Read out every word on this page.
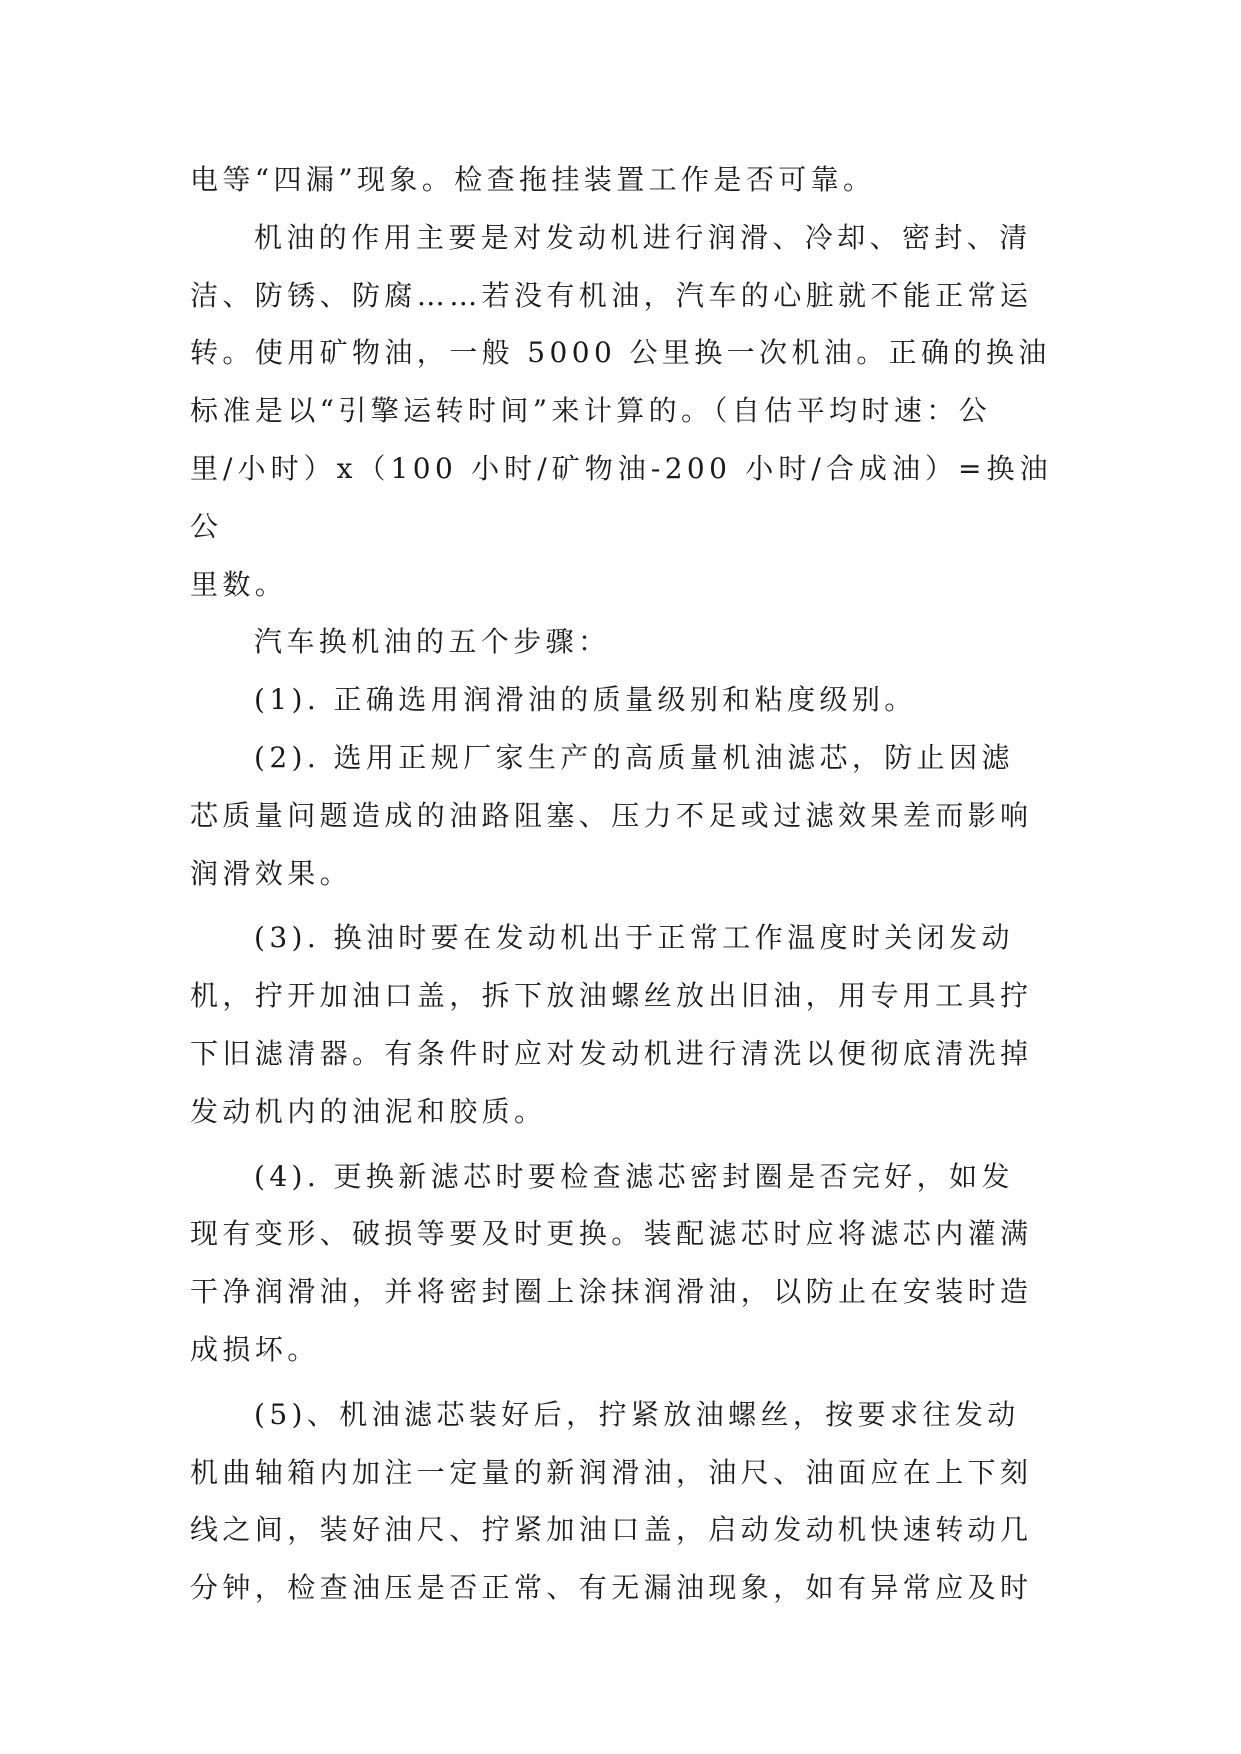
电等“四漏”现象。检查拖挂装置工作是否可靠。

机油的作用主要是对发动机进行润滑、冷却、密封、清
洁、防锈、防腐……若没有机油，汽车的心脏就不能正常运
转。使用矿物油，一般 5000 公里换一次机油。正确的换油
标准是以“引擎运转时间”来计算的。（自估平均时速：公
里/小时）x（100 小时/矿物油-200 小时/合成油）=换油公
里数。

汽车换机油的五个步骤：

(1). 正确选用润滑油的质量级别和粘度级别。

(2). 选用正规厂家生产的高质量机油滤芯，防止因滤
芯质量问题造成的油路阻塞、压力不足或过滤效果差而影响
润滑效果。

(3). 换油时要在发动机出于正常工作温度时关闭发动
机，拧开加油口盖，拆下放油螺丝放出旧油，用专用工具拧
下旧滤清器。有条件时应对发动机进行清洗以便彻底清洗掉
发动机内的油泥和胶质。

(4). 更换新滤芯时要检查滤芯密封圈是否完好，如发
现有变形、破损等要及时更换。装配滤芯时应将滤芯内灌满
干净润滑油，并将密封圈上涂抹润滑油，以防止在安装时造
成损坏。

(5)、机油滤芯装好后，拧紧放油螺丝，按要求往发动
机曲轴箱内加注一定量的新润滑油，油尺、油面应在上下刻
线之间，装好油尺、拧紧加油口盖，启动发动机快速转动几
分钟，检查油压是否正常、有无漏油现象，如有异常应及时
